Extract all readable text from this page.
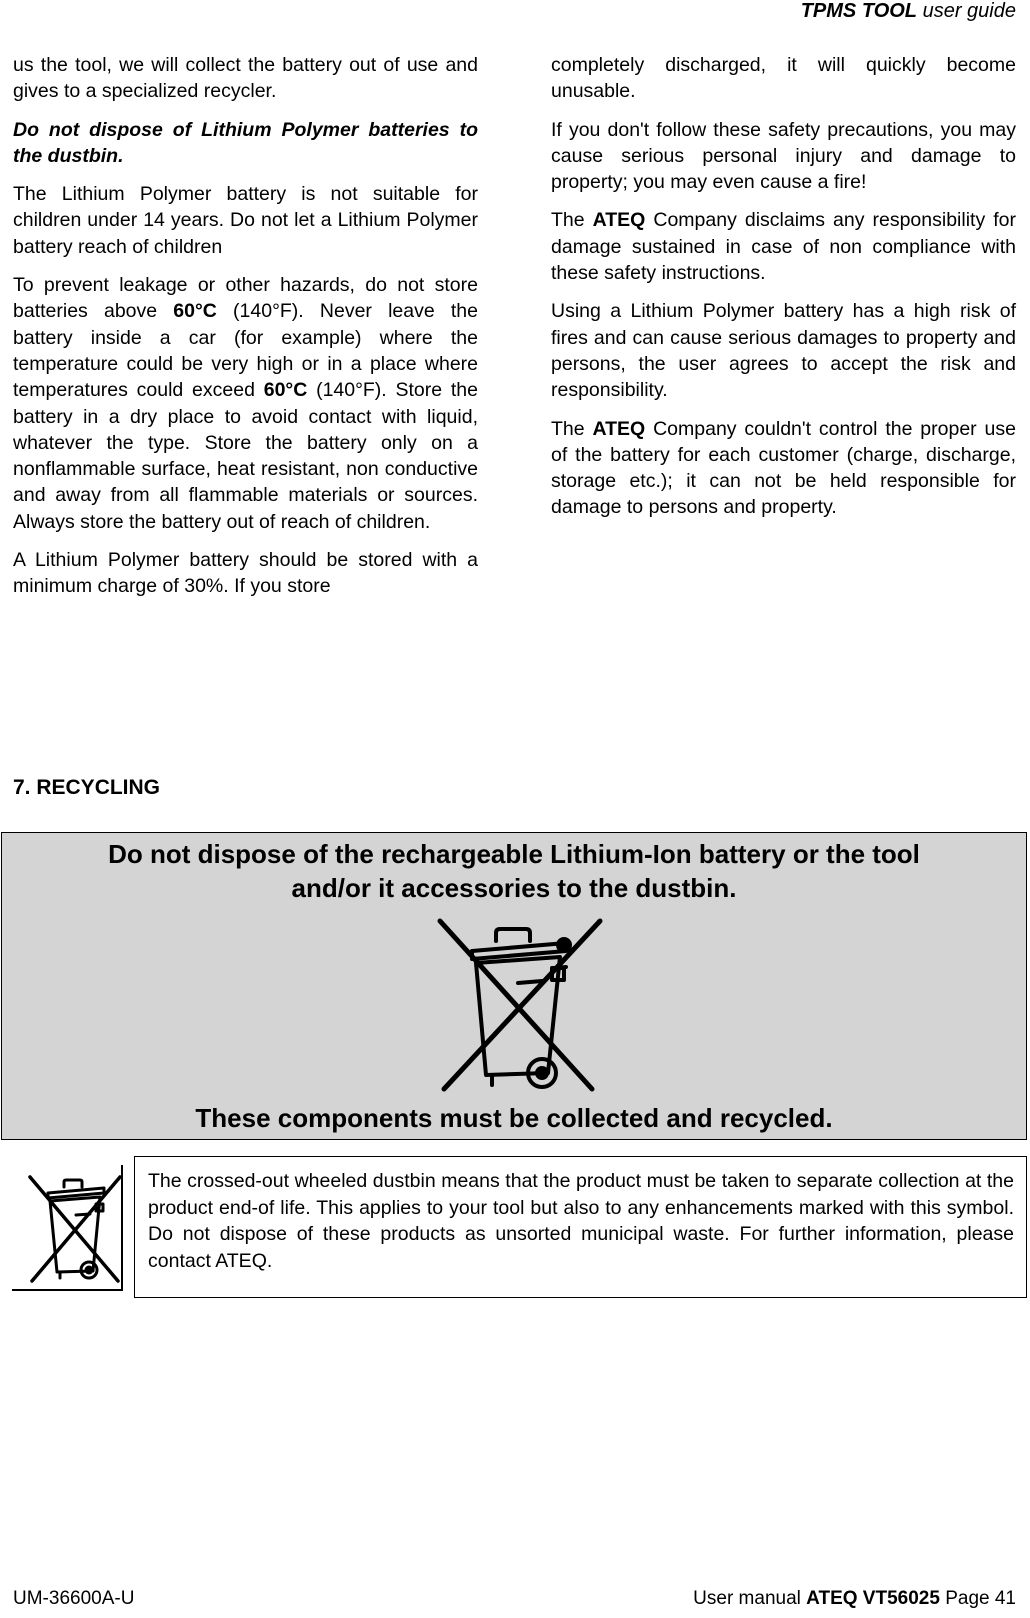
TPMS TOOL user guide

us the tool, we will collect the battery out of use and gives to a specialized recycler.

Do not dispose of Lithium Polymer batteries to the dustbin.

The Lithium Polymer battery is not suitable for children under 14 years. Do not let a Lithium Polymer battery reach of children

To prevent leakage or other hazards, do not store batteries above 60°C (140°F). Never leave the battery inside a car (for example) where the temperature could be very high or in a place where temperatures could exceed 60°C (140°F). Store the battery in a dry place to avoid contact with liquid, whatever the type. Store the battery only on a nonflammable surface, heat resistant, non conductive and away from all flammable materials or sources. Always store the battery out of reach of children.

A Lithium Polymer battery should be stored with a minimum charge of 30%. If you store

completely discharged, it will quickly become unusable.

If you don't follow these safety precautions, you may cause serious personal injury and damage to property; you may even cause a fire!

The ATEQ Company disclaims any responsibility for damage sustained in case of non compliance with these safety instructions.

Using a Lithium Polymer battery has a high risk of fires and can cause serious damages to property and persons, the user agrees to accept the risk and responsibility.

The ATEQ Company couldn't control the proper use of the battery for each customer (charge, discharge, storage etc.); it can not be held responsible for damage to persons and property.

7. RECYCLING
Do not dispose of the rechargeable Lithium-Ion battery or the tool
and/or it accessories to the dustbin.
These components must be collected and recycled.
The crossed-out wheeled dustbin means that the product must be taken to separate collection at the product end-of life. This applies to your tool but also to any enhancements marked with this symbol. Do not dispose of these products as unsorted municipal waste. For further information, please contact ATEQ.
UM-36600A-U	User manual ATEQ VT56025 Page 41
